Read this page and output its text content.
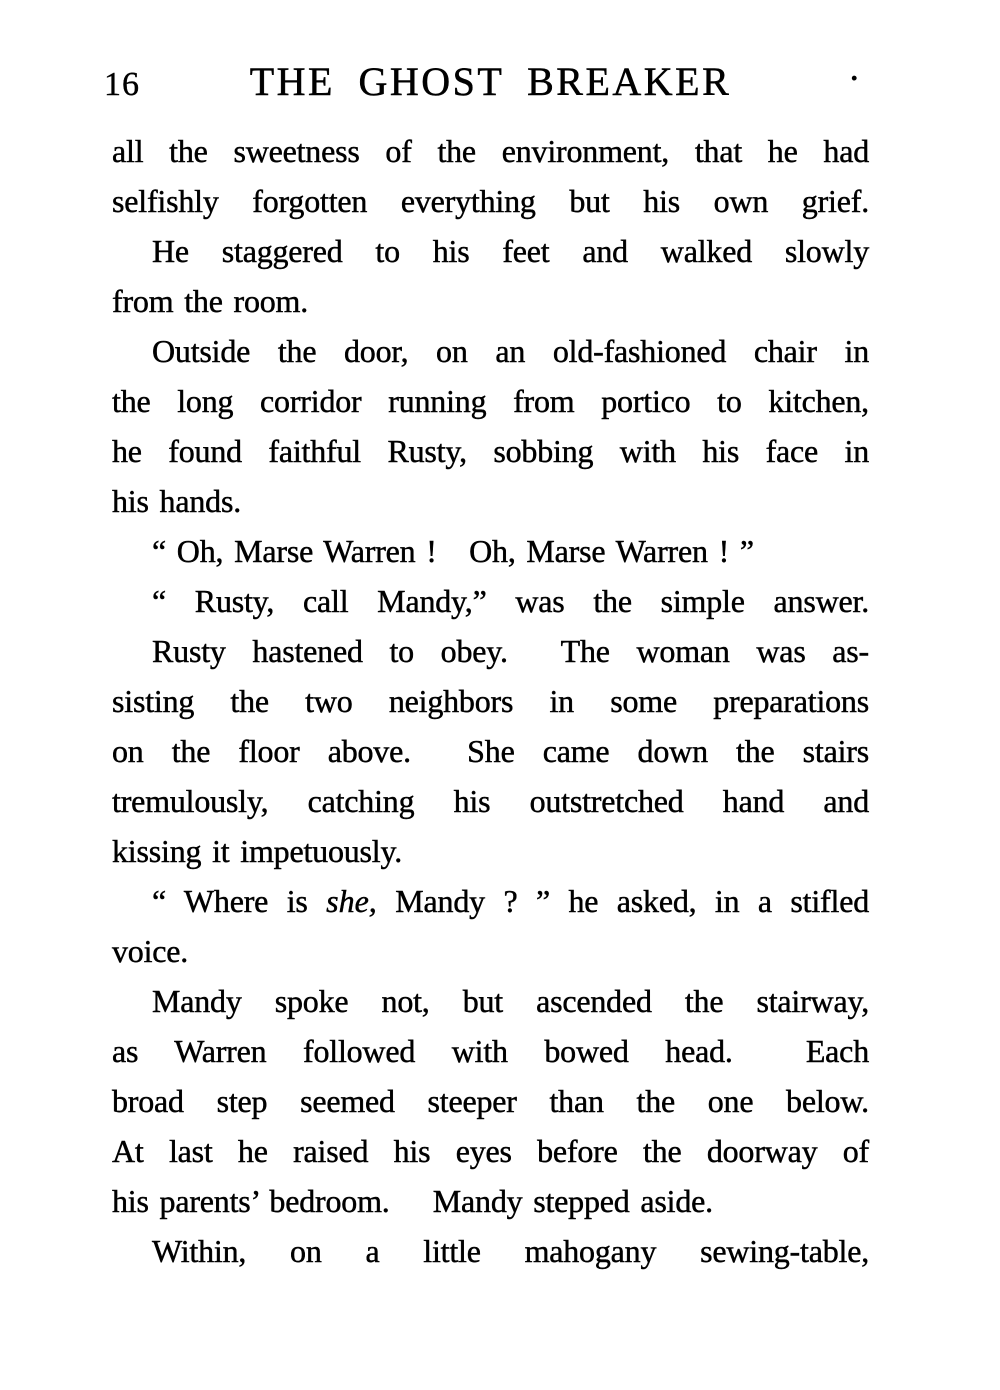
16	THE GHOST BREAKER	·
all the sweetness of the environment, that he had
selfishly forgotten everything but his own grief.
He staggered to his feet and walked slowly
from the room.
Outside the door, on an old-fashioned chair in
the long corridor running from portico to kitchen,
he found faithful Rusty, sobbing with his face in
his hands.
“ Oh, Marse Warren !   Oh, Marse Warren ! ”
“ Rusty, call Mandy,” was the simple answer.
Rusty hastened to obey.  The woman was as-
sisting the two neighbors in some preparations
on the floor above.  She came down the stairs
tremulously, catching his outstretched hand and
kissing it impetuously.
“ Where is she, Mandy ? ” he asked, in a stifled
voice.
Mandy spoke not, but ascended the stairway,
as Warren followed with bowed head.  Each
broad step seemed steeper than the one below.
At last he raised his eyes before the doorway of
his parents’ bedroom.    Mandy stepped aside.
Within, on a little mahogany sewing-table,
